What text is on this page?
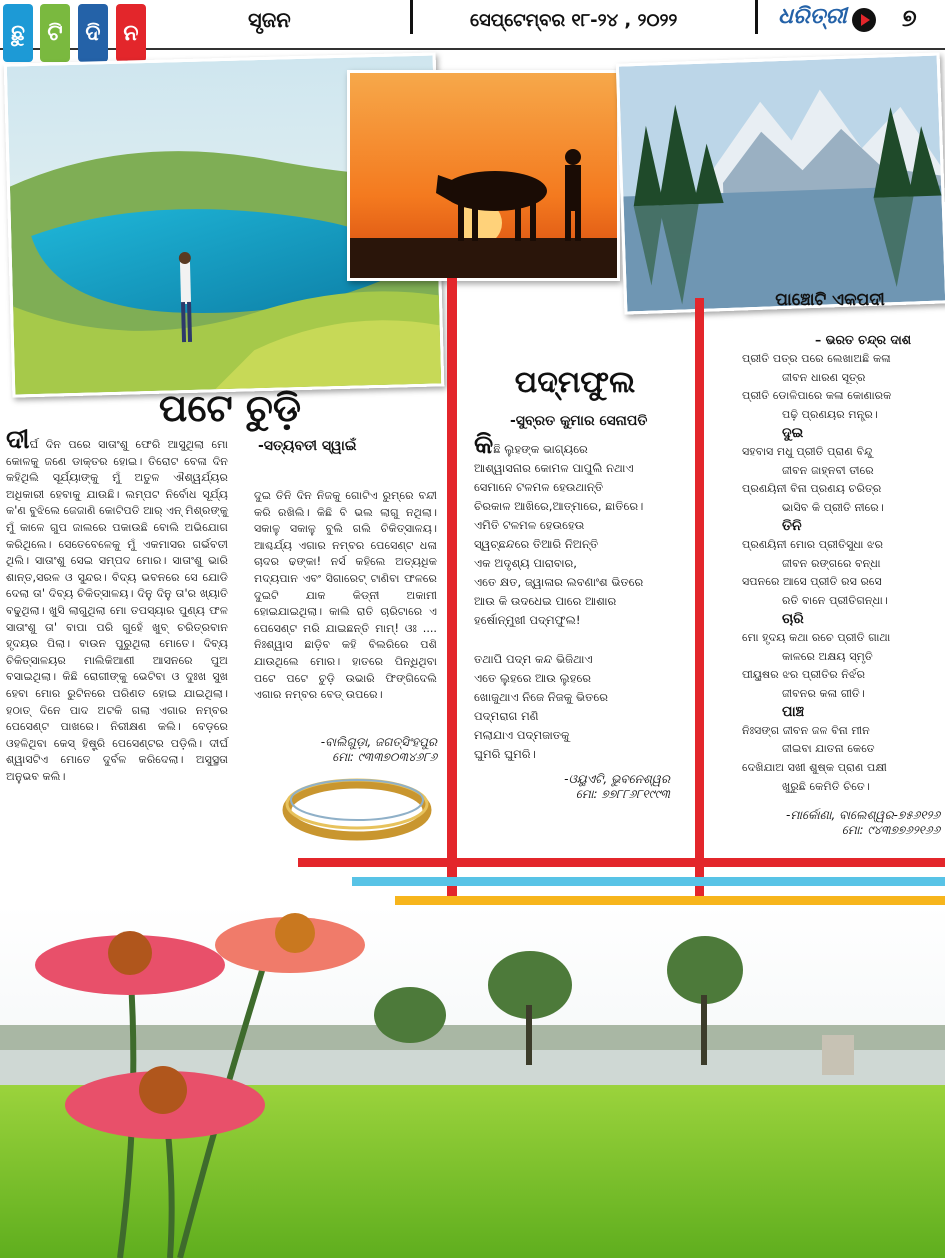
ଛୁ	ଟି	ଦି	ନ
ସୃଜନ	ସେପ୍ଟେମ୍ବର ୧୮-୨୪ , ୨୦୨୨	ଧରିତ୍ରୀ ୭
ପଟେ ଚୁଡ଼ି
-ସତ୍ୟବତୀ ସ୍ୱାଇଁ
ଦୀର୍ଘ ଦିନ ପରେ ସାତାଂଶୁ ଫେରି ଆସୁଥିଲା ମୋ କୋଳକୁ ଜଣେ ଡାକ୍ତର ହୋଇ। ତିରୋଟ ବେଳା ଦିନ କହିଥିଲି ସୂର୍ଯ୍ୟାଙ୍କୁ ମୁଁ ଅତୁଳ ଐଶ୍ୱର୍ଯ୍ୟର ଅଧିକାରୀ ହେବାକୁ ଯାଉଛି। ଲମ୍ପଟ ନିର୍ବୋଧ ସୂର୍ଯ୍ୟ କ'ଣ ବୁଝିଲେ ଜେଜାଣି କୋଟିପତି ଆର୍ ଏନ୍ ମିଶ୍ରଙ୍କୁ ମୁଁ କାଳେ ଗୁପ ଜାଲରେ ପକାଉଛି ବୋଲି ଅଭିଯୋଗ କରିଥିଲେ। ସେତେବେଳେକୁ ମୁଁ ଏକମାସର ଗର୍ଭବତୀ ଥିଲି। ସାତାଂଶୁ ସେଇ ସମ୍ପଦ ମୋର। ସାତାଂଶୁ ଭାରି ଶାନ୍ତ,ସରଳ ଓ ସୁନ୍ଦର। ବିଦ୍ୟ ଭବନରେ ସେ ଯୋଡି ଦେଲା ତା' ଦିବ୍ୟ ଚିକିତ୍ସାଳୟ। ଦିନୁ ଦିନୁ ତା'ର ଖ୍ୟାତି ବଢୁଥିଲା। ଖୁସି ଲାଗୁଥିଲା ମୋ ତପସ୍ୟାର ପୁଣ୍ୟ ଫଳ ସାତାଂଶୁ ତା' ବାପା ପରି ଗୁହେଁ ଖୁବ୍ ଚରିତ୍ରବାନ ହୃଦୟର ପିଲା। ବାଉନ ପୁରୁଥିଲା ମୋତେ। ଦିବ୍ୟ ଚିକିତ୍ସାଳୟର ମାଲିକିଆଣୀ ଆସନରେ ପୁଅ ବସାଇଥିଲା। କିଛି ରୋଗୀଙ୍କୁ ଭେଟିବା ଓ ଦୁଃଖ ସୁଖ ହେବା ମୋର ରୁଟିନରେ ପରିଣତ ହୋଇ ଯାଇଥିଲା। ହଠାତ୍ ଦିନେ ପାଦ ଅଟକି ଗଲା ଏଗାର ନମ୍ବର ପେସେଣ୍ଟ ପାଖରେ। ନିରୀକ୍ଷଣ କଲି। ବେଡ଼ରେ ଓହଳିଥିବା କେସ୍ ହିଷ୍ଟ୍ରି ପେସେଣ୍ଟର ପଡ଼ିଲି। ଦୀର୍ଘ ଶ୍ୱାସଟିଏ ମୋତେ ଦୁର୍ବଳ କରିଦେଲା। ଅସୁସ୍ଥତା ଅନୁଭବ କଲି।
ଦୁଇ ତିନି ଦିନ ନିଜକୁ ଗୋଟିଏ ରୁମ୍‌ରେ ବନ୍ଦୀ କରି ରଖିଲି। କିଛି ବି ଭଲ ଲାଗୁ ନଥିଲା। ସକାଳୁ ସକାଳୁ ବୁଲି ଗଲି ଚିକିତ୍ସାଳୟ। ଆଶ୍ଚର୍ଯ୍ୟ ଏଗାର ନମ୍ବର ପେସେଣ୍ଟ ଧଳା ଚାଦର ଢଙ୍କା! ନର୍ସ କହିଲେ ଅତ୍ୟଧିକ ମଦ୍ୟପାନ ଏବଂ ସିଗାରେଟ୍ ଟାଣିବା ଫଳରେ ଦୁଇଟି ଯାକ କିଡ୍ନୀ ଅକାମୀ ହୋଇଯାଇଥିଲା। କାଲି ରାତି ଚାରିଟାରେ ଏ ପେସେଣ୍ଟ ମରି ଯାଇଛନ୍ତି ମାମ୍! ଓଃ .... ନିଃଶ୍ୱାସ ଛାଡ଼ିବ କହି ବିଲରିରେ ପଶି ଯାଉଥିଲେ ମୋର। ହାତରେ ପିନ୍ଧିଥିବା ପଟେ ପଟେ ଚୁଡ଼ି ଉଭାରି ଫିଙ୍ଗିଦେଲି ଏଗାର ନମ୍ବର ବେଡ୍ ଉପରେ।
-ବାଲିଗୁଡ଼ା, ଜଗତ୍‌ସିଂହପୁର
ମୋ: ୯୩୩୭୦୩୪୬୮୬
ପଦ୍ମଫୁଲ
-ସୁବ୍ରତ କୁମାର ସେନାପତି
କିଛି ଲୁହଙ୍କ ଭାଗ୍ୟରେ
ଆଶ୍ୱାସନାର କୋମଳ ପାପୁଲି ନଥାଏ
ସେମାନେ ଟଳମଳ ହେଉଥାନ୍ତି
ଚିରକାଳ ଆଖିରେ,ଆତ୍ମାରେ, ଛାତିରେ।
ଏମିତି ଟଳମଳ ହେଉହେଉ
ସ୍ୱଚ୍ଛନ୍ଦରେ ତିଆରି ନିଅନ୍ତି
ଏକ ଅଦୃଶ୍ୟ ପାରାବାର,
ଏତେ କ୍ଷତ, ଜ୍ୱାଳାର ଲବଣାଂଶ ଭିତରେ
ଆଉ କି ଉଦଧେଇ ପାରେ ଆଶାର
ହର୍ଷୋନ୍ମୁଖୀ ପଦ୍ମଫୁଲ!
ତଥାପି ପଦ୍ମ କନ୍ଦ ଭିଜିଥାଏ
ଏତେ ଲୁହରେ ଆଉ ଲୁହରେ
ଖୋଜୁଥାଏ ନିଜେ ନିଜକୁ ଭିତରେ
ପଦ୍ମରାଗ ମଣି
ମଲାଯାଏ ପଦ୍ମଜାତକୁ
ଘୁମରି ଘୁମରି।
-ଓୟୁଏଟି, ଭୁବନେଶ୍ୱର
ମୋ: ୭୭୮୮୬୮୧୯୯୩
ପାଞ୍ଚୋଟି ଏକପଦୀ
– ଭରତ ଚନ୍ଦ୍ର ଦାଶ
ପ୍ରୀତି ପତ୍ର ପରେ ଲେଖାଅଛି କଳା
ଜୀବନ ଧାରଣ ସୂତ୍ର
ପ୍ରୀତି ଡୋଳିପାରେ କଳା କୋଣାରକ
ପଢ଼ି ପ୍ରଣୟର ମନ୍ତ୍ର।
ଦୁଇ
ସହବାସ ମଧୁ ପ୍ରୀତି ପ୍ରାଣ ବିନ୍ଦୁ
ଜୀବନ ଜାହ୍ନବୀ ତୀରେ
ପ୍ରଣୟିନୀ ବିନା ପ୍ରଣୟ ଚରିତ୍ର
ଭାସିବ କି ପ୍ରୀତି ନୀରେ।
ତିନି
ପ୍ରଣୟିନୀ ମୋର ପ୍ରୀତିସୁଧା ଝର
ଜୀବନ ରଙ୍ଗରେ ବନ୍ଧା
ସପନରେ ଆସେ ପ୍ରୀତି ରସ ରସେ
ରତି ବାନେ ପ୍ରୀତିଗନ୍ଧା।
ଚାରି
ମୋ ହୃଦୟ କଥା ରଚେ ପ୍ରୀତି ଗାଥା
କାଳରେ ଅକ୍ଷୟ ସ୍ମୃତି
ପୀୟୁଷର ଝର ପ୍ରୀତିର ନିର୍ଝର
ଜୀବନର କଳା ଗୀତି।
ପାଞ୍ଚ
ନିଃସଙ୍ଗ ଜୀବନ ଜଳ ବିନା ମୀନ
ଜୀଇବା ଯାତନା କେତେ
ଦେଖିଯାଅ ସଖୀ ଶୁଷ୍କ ପ୍ରାଣ ପକ୍ଷୀ
ଖୁରୁଛି କେମିତି ଚିତେ।
-ମାର୍କୋଣା, ବାଲେଶ୍ୱର-୭୫୬୧୨୬
ମୋ: ୯୪୩୭୭୬୨୧୬୬
